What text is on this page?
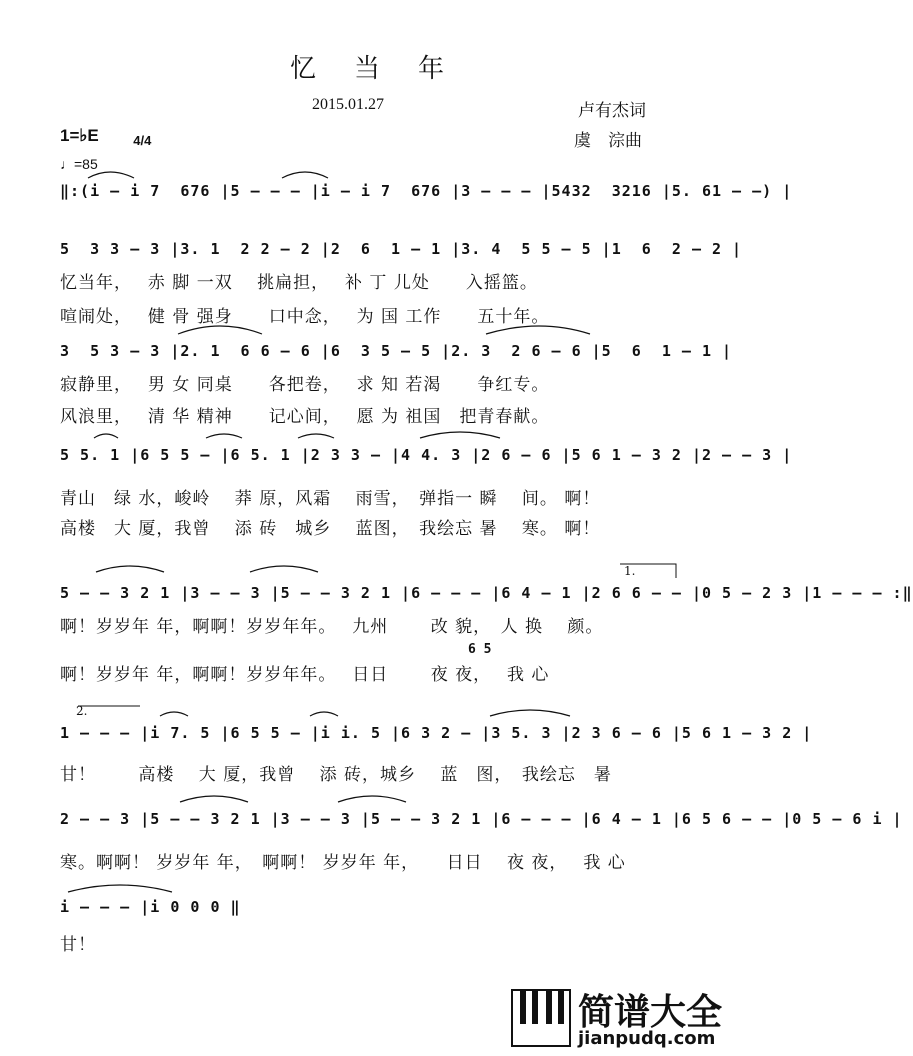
忆当年
2015.01.27	卢有杰词
虞　淙曲
1=♭E	4/4

♩=85
‖:(i – i 7  676 |5 – – – |i – i 7  676 |3 – – – |5432  3216 |5. 61 – –) |
5  3 3 – 3 |3. 1  2 2 – 2 |2  6  1 – 1 |3. 4  5 5 – 5 |1  6  2 – 2 |
忆当年，　 赤 脚 一双　 挑扁担，　 补 丁 儿处　　入摇篮。
喧闹处，　 健 骨 强身　　口中念，　 为 国 工作　　五十年。
3  5 3 – 3 |2. 1  6 6 – 6 |6  3 5 – 5 |2. 3  2 6 – 6 |5  6  1 – 1 |
寂静里，　 男 女 同桌　　各把卷，　 求 知 若渴　　争红专。
风浪里，　 清 华 精神　　记心间，　 愿 为 祖国　把青春献。
5 5. 1 |6 5 5 – |6 5. 1 |2 3 3 – |4 4. 3 |2 6 – 6 |5 6 1 – 3 2 |2 – – 3 |
青山　绿 水，峻岭　 莽 原，风霜　 雨雪，　弹指一 瞬　 间。 啊！
高楼　大 厦，我曾　 添 砖　城乡　 蓝图，　我绘忘 暑　 寒。 啊！
5 – – 3 2 1 |3 – – 3 |5 – – 3 2 1 |6 – – – |6 4 – 1 |2 6 6 – – |0 5 – 2 3 |1 – – – :‖
1.
啊！岁岁年 年，啊啊！岁岁年年。　 九州　　 改 貌，　人 换　 颜。
6 5
啊！岁岁年 年，啊啊！岁岁年年。　 日日　　 夜 夜，　 我 心
2.
1 – – – |i 7. 5 |6 5 5 – |i i. 5 |6 3 2 – |3 5. 3 |2 3 6 – 6 |5 6 1 – 3 2 |
甘！　　 高楼　 大 厦，我曾　 添 砖，城乡　 蓝　图，　我绘忘　暑
2 – – 3 |5 – – 3 2 1 |3 – – 3 |5 – – 3 2 1 |6 – – – |6 4 – 1 |6 5 6 – – |0 5 – 6 i |
寒。啊啊！ 岁岁年 年，　啊啊！ 岁岁年 年，　　日日　 夜 夜，　 我 心
i – – – |i 0 0 0 ‖
甘！
简谱大全
jianpudq.com
